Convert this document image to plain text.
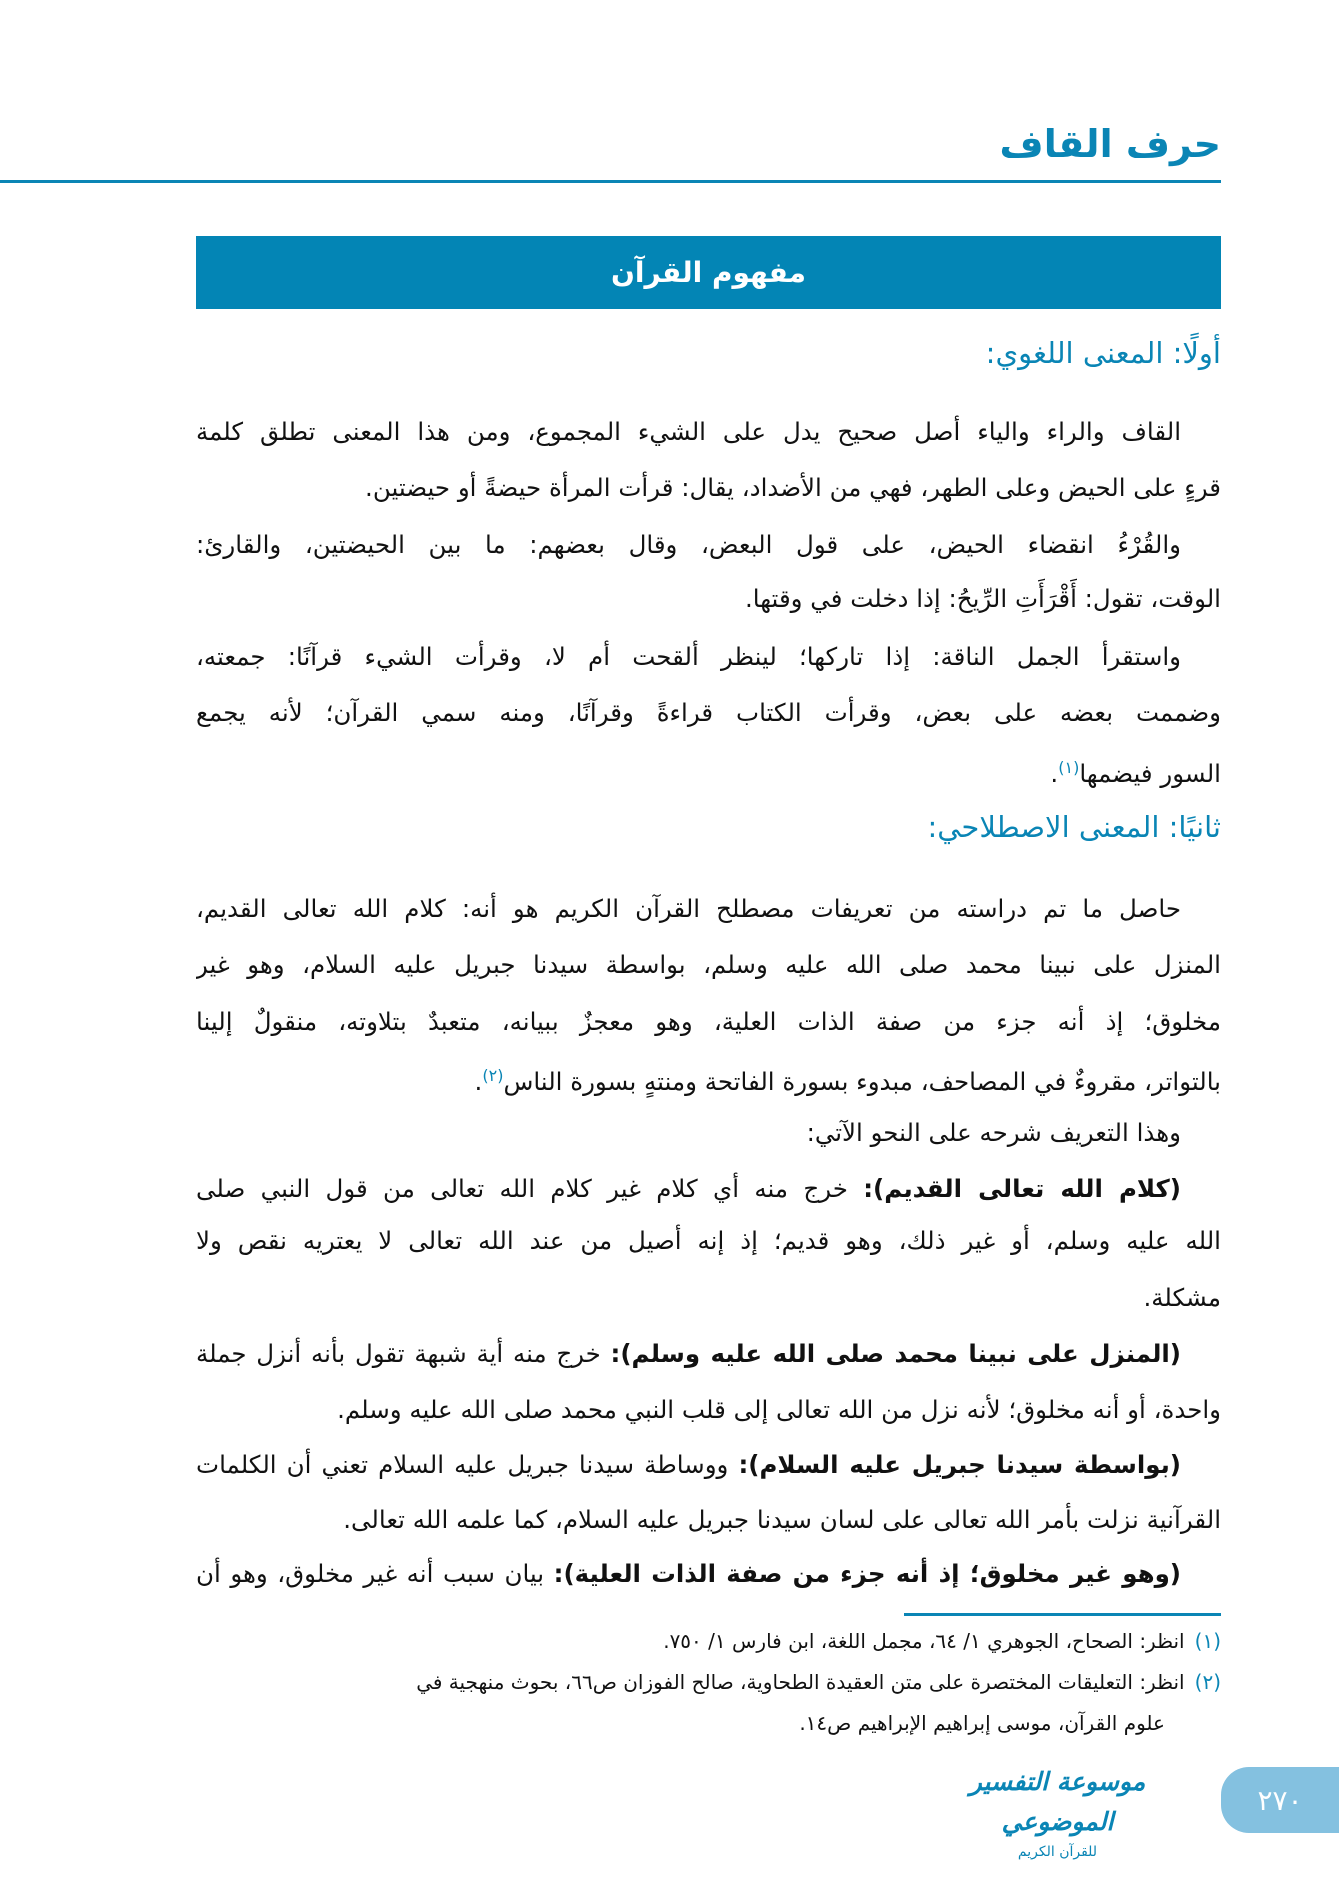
حرف القاف
مفهوم القرآن
أولًا: المعنى اللغوي:
القاف والراء والياء أصل صحيح يدل على الشيء المجموع، ومن هذا المعنى تطلق كلمة
قرءٍ على الحيض وعلى الطهر، فهي من الأضداد، يقال: قرأت المرأة حيضةً أو حيضتين.
والقُرْءُ انقضاء الحيض، على قول البعض، وقال بعضهم: ما بين الحيضتين، والقارئ:
الوقت، تقول: أَقْرَأَتِ الرِّيحُ: إذا دخلت في وقتها.
واستقرأ الجمل الناقة: إذا تاركها؛ لينظر ألقحت أم لا، وقرأت الشيء قرآنًا: جمعته،
وضممت بعضه على بعض، وقرأت الكتاب قراءةً وقرآنًا، ومنه سمي القرآن؛ لأنه يجمع
السور فيضمها$^{(١)}$.
ثانيًا: المعنى الاصطلاحي:
حاصل ما تم دراسته من تعريفات مصطلح القرآن الكريم هو أنه: كلام الله تعالى القديم،
المنزل على نبينا محمد صلى الله عليه وسلم، بواسطة سيدنا جبريل عليه السلام، وهو غير
مخلوق؛ إذ أنه جزء من صفة الذات العلية، وهو معجزٌ ببيانه، متعبدٌ بتلاوته، منقولٌ إلينا
بالتواتر، مقروءٌ في المصاحف، مبدوء بسورة الفاتحة ومنتهٍ بسورة الناس$^{(٢)}$.
وهذا التعريف شرحه على النحو الآتي:
(كلام الله تعالى القديم): خرج منه أي كلام غير كلام الله تعالى من قول النبي صلى
الله عليه وسلم، أو غير ذلك، وهو قديم؛ إذ إنه أصيل من عند الله تعالى لا يعتريه نقص ولا
مشكلة.
(المنزل على نبينا محمد صلى الله عليه وسلم): خرج منه أية شبهة تقول بأنه أنزل جملة
واحدة، أو أنه مخلوق؛ لأنه نزل من الله تعالى إلى قلب النبي محمد صلى الله عليه وسلم.
(بواسطة سيدنا جبريل عليه السلام): ووساطة سيدنا جبريل عليه السلام تعني أن الكلمات
القرآنية نزلت بأمر الله تعالى على لسان سيدنا جبريل عليه السلام، كما علمه الله تعالى.
(وهو غير مخلوق؛ إذ أنه جزء من صفة الذات العلية): بيان سبب أنه غير مخلوق، وهو أن
(١)انظر: الصحاح، الجوهري ١/ ٦٤، مجمل اللغة، ابن فارس ١/ ٧٥٠.
(٢)انظر: التعليقات المختصرة على متن العقيدة الطحاوية، صالح الفوزان ص٦٦، بحوث منهجية في
علوم القرآن، موسى إبراهيم الإبراهيم ص١٤.
موسوعة التفسير الموضوعي
للقرآن الكريم
٢٧٠
